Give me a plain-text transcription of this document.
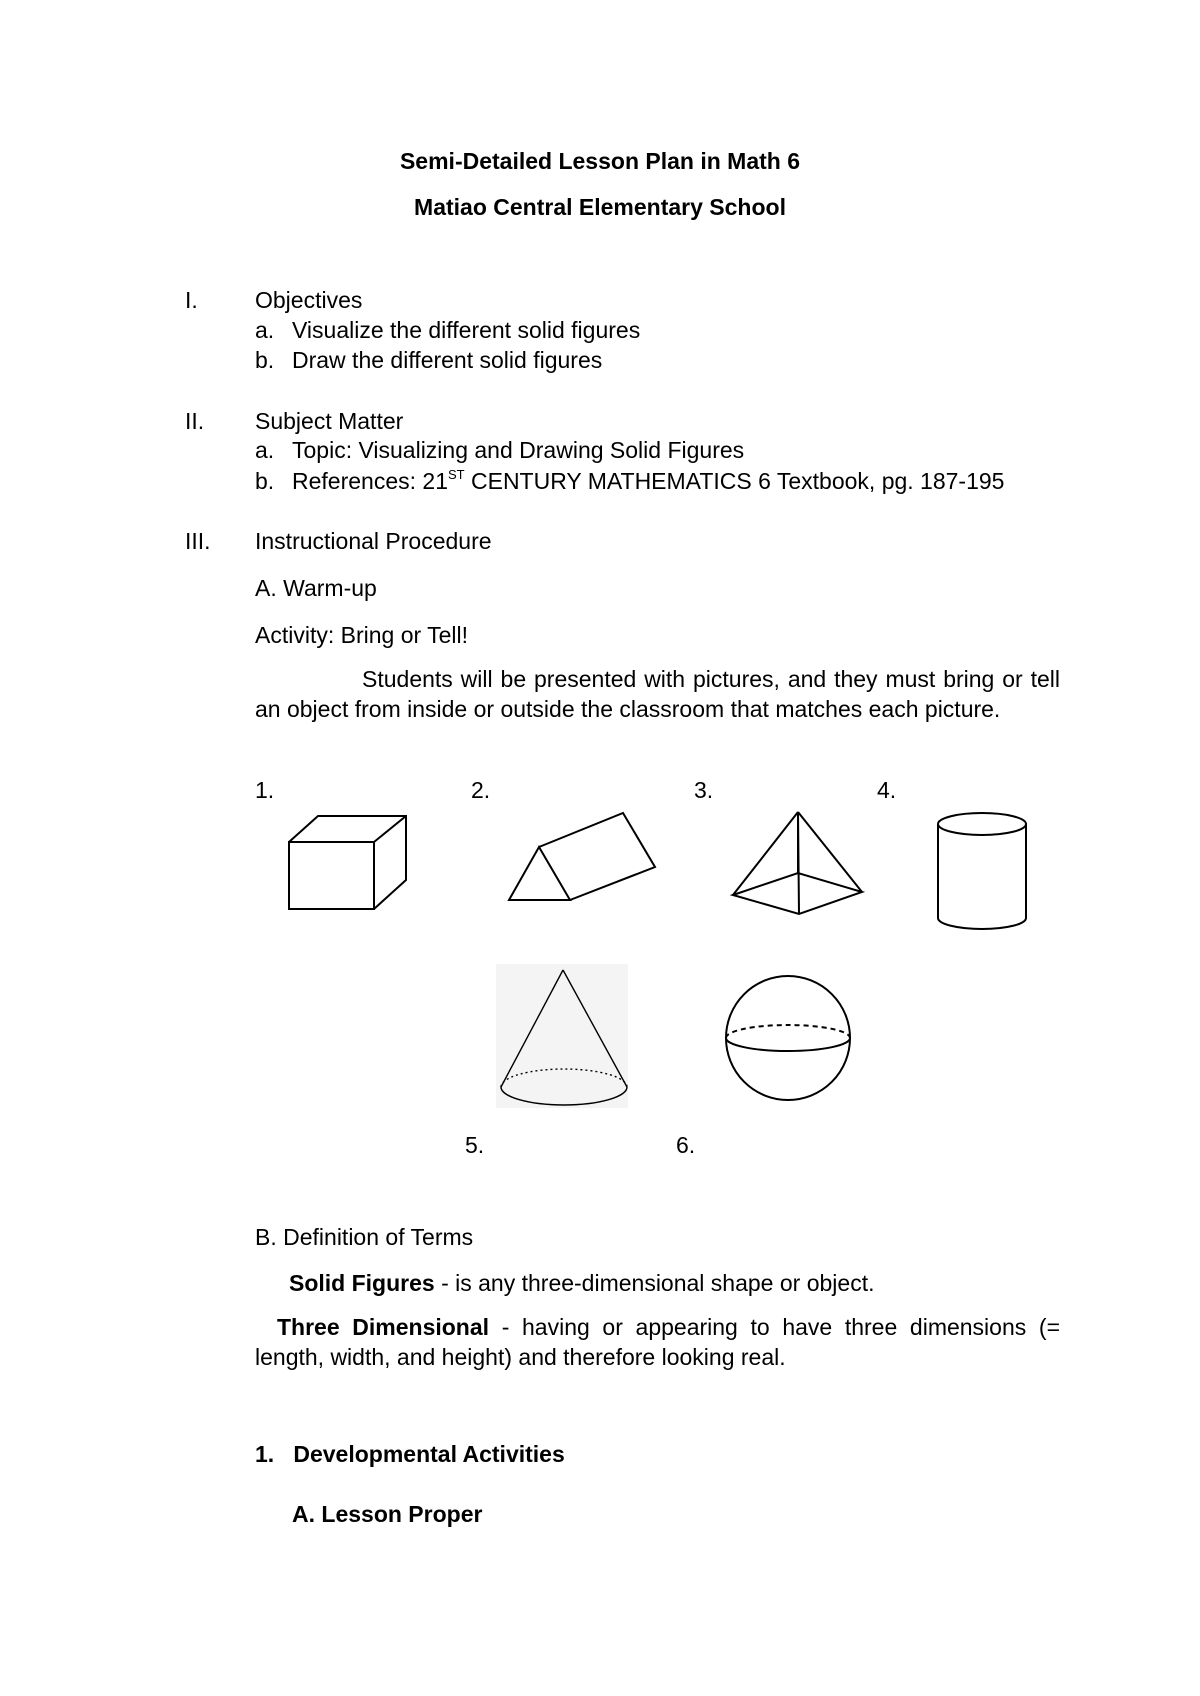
Semi-Detailed Lesson Plan in Math 6
Matiao Central Elementary School
I. Objectives
a. Visualize the different solid figures
b. Draw the different solid figures
II. Subject Matter
a. Topic: Visualizing and Drawing Solid Figures
b. References: 21ST CENTURY MATHEMATICS 6 Textbook, pg. 187-195
III. Instructional Procedure
A. Warm-up
Activity: Bring or Tell!
Students will be presented with pictures, and they must bring or tell an object from inside or outside the classroom that matches each picture.
1.	2.	3.	4.
5.	6.
B. Definition of Terms
Solid Figures - is any three-dimensional shape or object.
Three Dimensional - having or appearing to have three dimensions (= length, width, and height) and therefore looking real.
1.   Developmental Activities
A. Lesson Proper
